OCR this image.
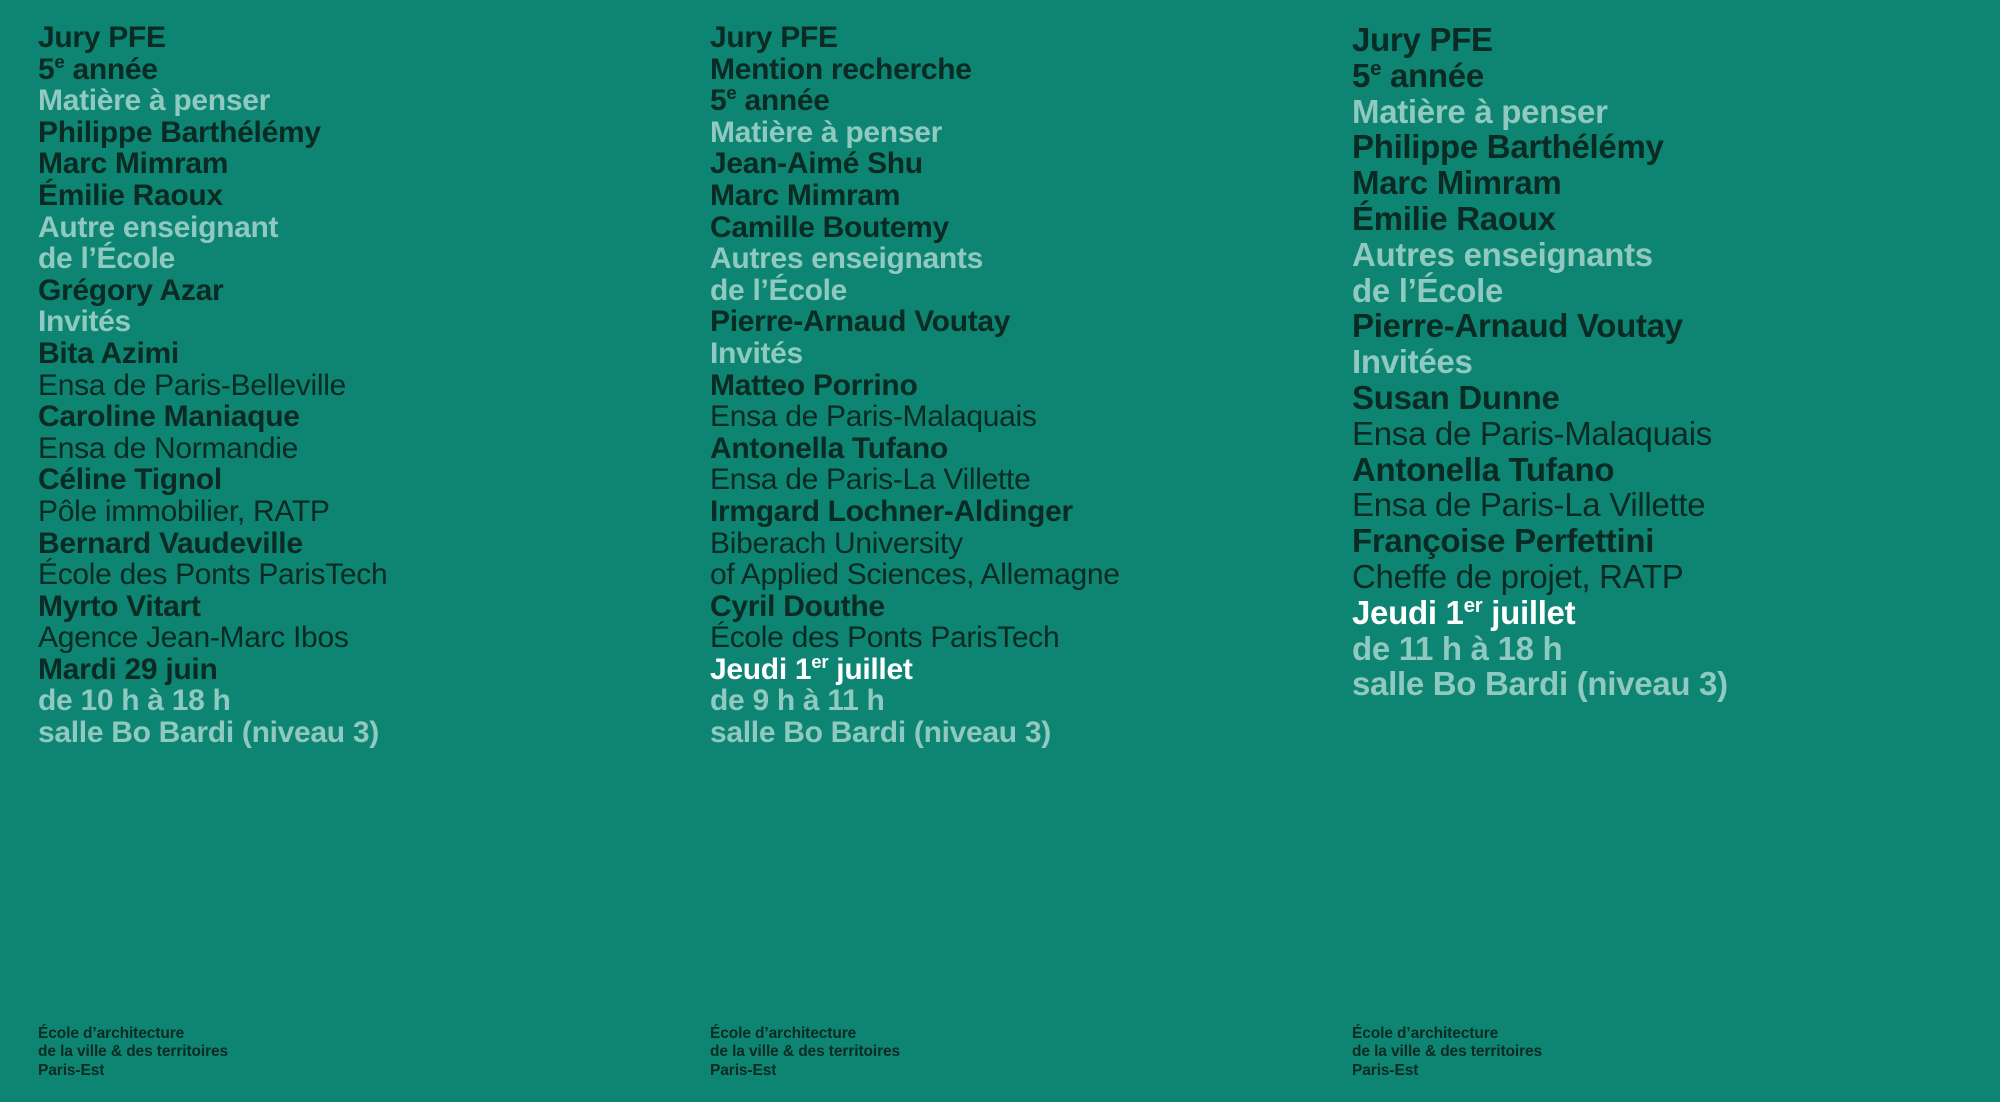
Jury PFE
5e année
Matière à penser
Philippe Barthélémy
Marc Mimram
Émilie Raoux
Autre enseignant
de l’École
Grégory Azar
Invités
Bita Azimi
Ensa de Paris-Belleville
Caroline Maniaque
Ensa de Normandie
Céline Tignol
Pôle immobilier, RATP
Bernard Vaudeville
École des Ponts ParisTech
Myrto Vitart
Agence Jean-Marc Ibos
Mardi 29 juin
de 10 h à 18 h
salle Bo Bardi (niveau 3)
École d’architecture
de la ville & des territoires
Paris-Est
Jury PFE
Mention recherche
5e année
Matière à penser
Jean-Aimé Shu
Marc Mimram
Camille Boutemy
Autres enseignants
de l’École
Pierre-Arnaud Voutay
Invités
Matteo Porrino
Ensa de Paris-Malaquais
Antonella Tufano
Ensa de Paris-La Villette
Irmgard Lochner-Aldinger
Biberach University
of Applied Sciences, Allemagne
Cyril Douthe
École des Ponts ParisTech
Jeudi 1er juillet
de 9 h à 11 h
salle Bo Bardi (niveau 3)
École d’architecture
de la ville & des territoires
Paris-Est
Jury PFE
5e année
Matière à penser
Philippe Barthélémy
Marc Mimram
Émilie Raoux
Autres enseignants
de l’École
Pierre-Arnaud Voutay
Invitées
Susan Dunne
Ensa de Paris-Malaquais
Antonella Tufano
Ensa de Paris-La Villette
Françoise Perfettini
Cheffe de projet, RATP
Jeudi 1er juillet
de 11 h à 18 h
salle Bo Bardi (niveau 3)
École d’architecture
de la ville & des territoires
Paris-Est
